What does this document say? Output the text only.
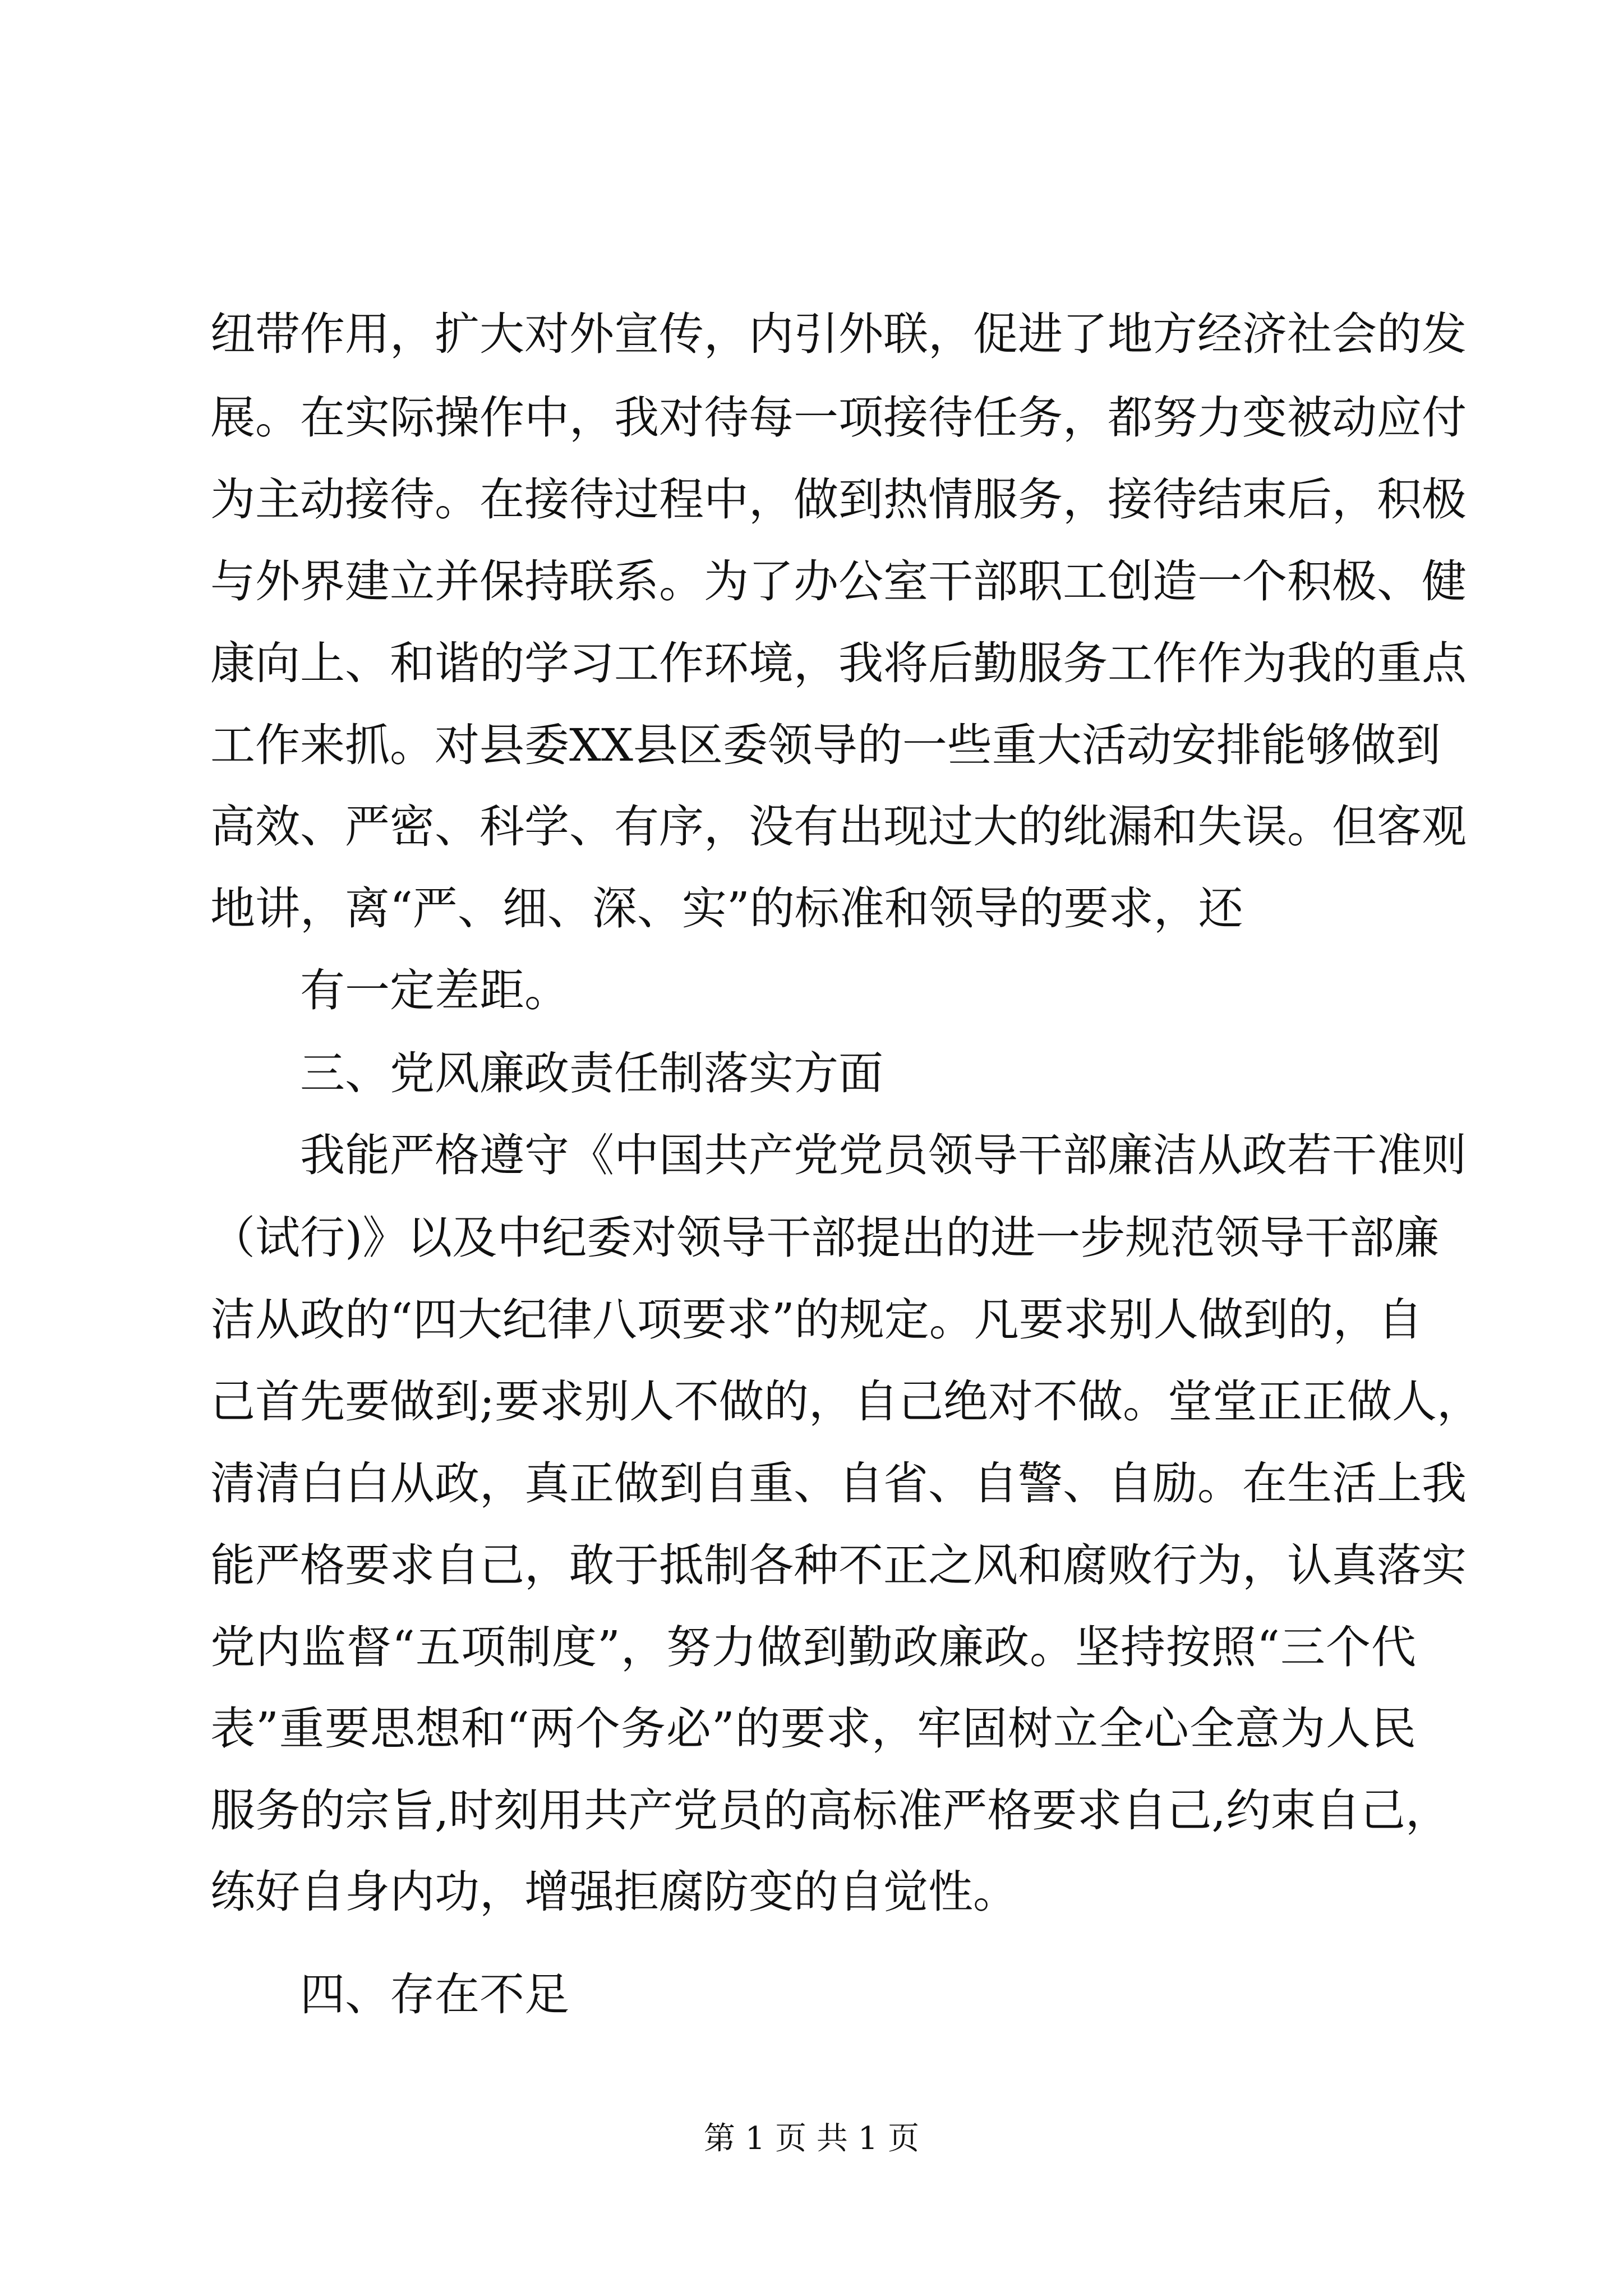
纽带作用，扩大对外宣传，内引外联，促进了地方经济社会的发

展。在实际操作中，我对待每一项接待任务，都努力变被动应付

为主动接待。在接待过程中，做到热情服务，接待结束后，积极

与外界建立并保持联系。为了办公室干部职工创造一个积极、健

康向上、和谐的学习工作环境，我将后勤服务工作作为我的重点

工作来抓。对县委XX县区委领导的一些重大活动安排能够做到

高效、严密、科学、有序，没有出现过大的纰漏和失误。但客观

地讲，离“严、细、深、实”的标准和领导的要求，还

有一定差距。

三、党风廉政责任制落实方面

我能严格遵守《中国共产党党员领导干部廉洁从政若干准则

（试行)》以及中纪委对领导干部提出的进一步规范领导干部廉

洁从政的“四大纪律八项要求”的规定。凡要求别人做到的，自

己首先要做到;要求别人不做的，自己绝对不做。堂堂正正做人，

清清白白从政，真正做到自重、自省、自警、自励。在生活上我

能严格要求自己，敢于抵制各种不正之风和腐败行为，认真落实

党内监督“五项制度”，努力做到勤政廉政。坚持按照“三个代

表”重要思想和“两个务必”的要求，牢固树立全心全意为人民

服务的宗旨,时刻用共产党员的高标准严格要求自己,约束自己，

练好自身内功，增强拒腐防变的自觉性。

四、存在不足

第 1 页 共 1 页
